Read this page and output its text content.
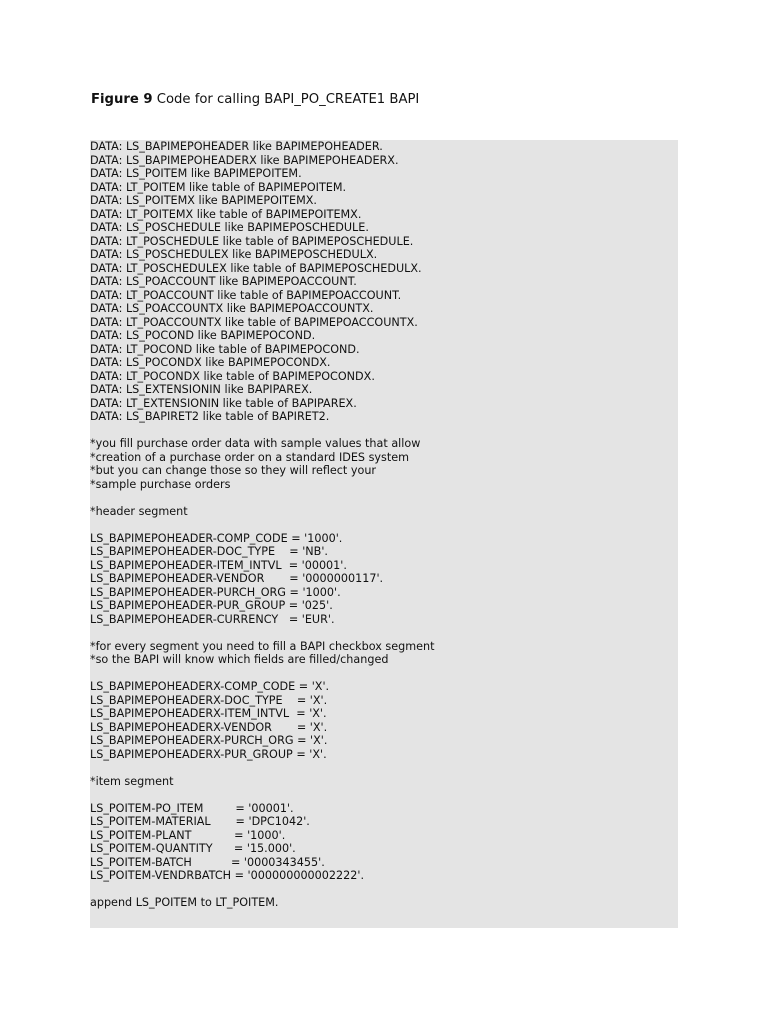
Figure 9 Code for calling BAPI_PO_CREATE1 BAPI
DATA: LS_BAPIMEPOHEADER like BAPIMEPOHEADER.
DATA: LS_BAPIMEPOHEADERX like BAPIMEPOHEADERX.
DATA: LS_POITEM like BAPIMEPOITEM.
DATA: LT_POITEM like table of BAPIMEPOITEM.
DATA: LS_POITEMX like BAPIMEPOITEMX.
DATA: LT_POITEMX like table of BAPIMEPOITEMX.
DATA: LS_POSCHEDULE like BAPIMEPOSCHEDULE.
DATA: LT_POSCHEDULE like table of BAPIMEPOSCHEDULE.
DATA: LS_POSCHEDULEX like BAPIMEPOSCHEDULX.
DATA: LT_POSCHEDULEX like table of BAPIMEPOSCHEDULX.
DATA: LS_POACCOUNT like BAPIMEPOACCOUNT.
DATA: LT_POACCOUNT like table of BAPIMEPOACCOUNT.
DATA: LS_POACCOUNTX like BAPIMEPOACCOUNTX.
DATA: LT_POACCOUNTX like table of BAPIMEPOACCOUNTX.
DATA: LS_POCOND like BAPIMEPOCOND.
DATA: LT_POCOND like table of BAPIMEPOCOND.
DATA: LS_POCONDX like BAPIMEPOCONDX.
DATA: LT_POCONDX like table of BAPIMEPOCONDX.
DATA: LS_EXTENSIONIN like BAPIPAREX.
DATA: LT_EXTENSIONIN like table of BAPIPAREX.
DATA: LS_BAPIRET2 like table of BAPIRET2.
*you fill purchase order data with sample values that allow
*creation of a purchase order on a standard IDES system
*but you can change those so they will reflect your
*sample purchase orders
*header segment
LS_BAPIMEPOHEADER-COMP_CODE = '1000'.
LS_BAPIMEPOHEADER-DOC_TYPE    = 'NB'.
LS_BAPIMEPOHEADER-ITEM_INTVL  = '00001'.
LS_BAPIMEPOHEADER-VENDOR       = '0000000117'.
LS_BAPIMEPOHEADER-PURCH_ORG = '1000'.
LS_BAPIMEPOHEADER-PUR_GROUP = '025'.
LS_BAPIMEPOHEADER-CURRENCY   = 'EUR'.
*for every segment you need to fill a BAPI checkbox segment
*so the BAPI will know which fields are filled/changed
LS_BAPIMEPOHEADERX-COMP_CODE = 'X'.
LS_BAPIMEPOHEADERX-DOC_TYPE    = 'X'.
LS_BAPIMEPOHEADERX-ITEM_INTVL  = 'X'.
LS_BAPIMEPOHEADERX-VENDOR       = 'X'.
LS_BAPIMEPOHEADERX-PURCH_ORG = 'X'.
LS_BAPIMEPOHEADERX-PUR_GROUP = 'X'.
*item segment
LS_POITEM-PO_ITEM         = '00001'.
LS_POITEM-MATERIAL       = 'DPC1042'.
LS_POITEM-PLANT            = '1000'.
LS_POITEM-QUANTITY      = '15.000'.
LS_POITEM-BATCH           = '0000343455'.
LS_POITEM-VENDRBATCH = '000000000002222'.
append LS_POITEM to LT_POITEM.
